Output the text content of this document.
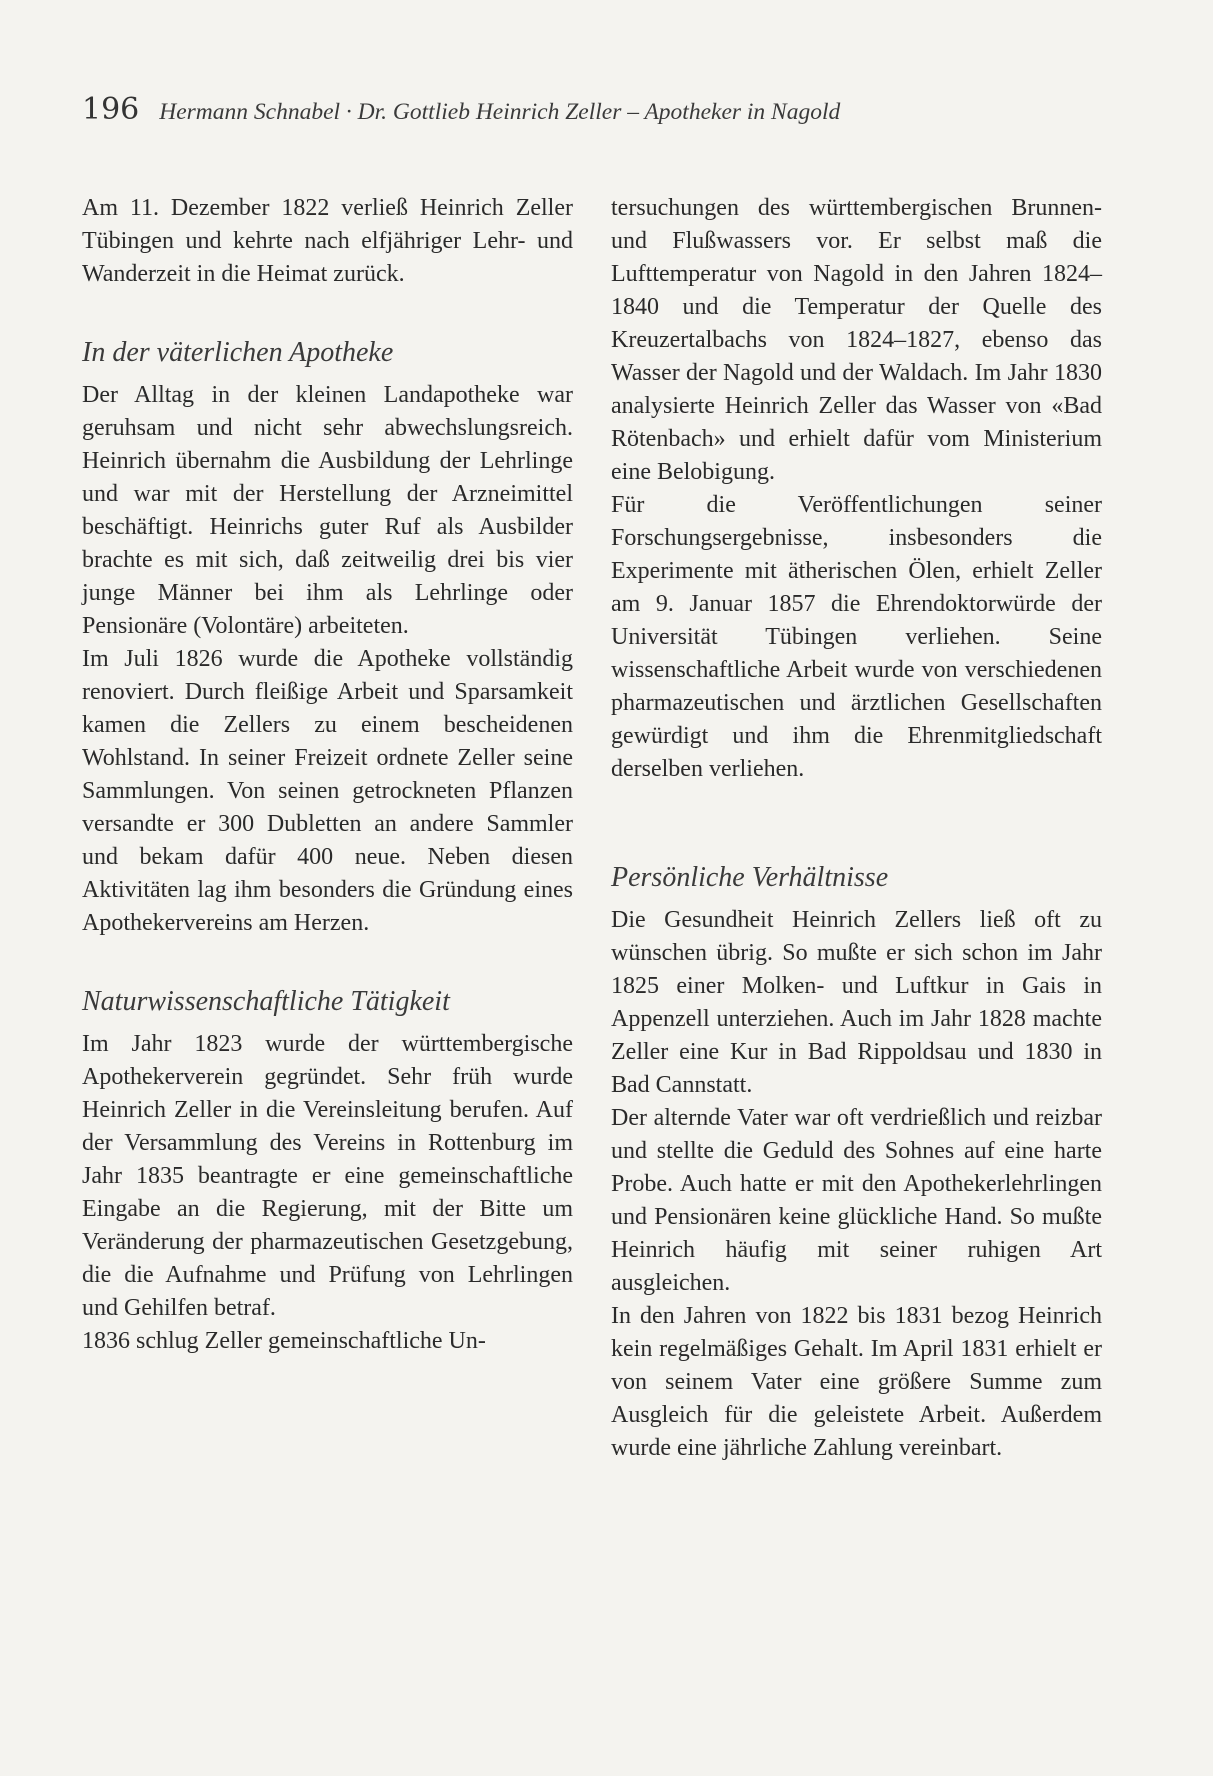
196 Hermann Schnabel · Dr. Gottlieb Heinrich Zeller – Apotheker in Nagold

Am 11. Dezember 1822 verließ Heinrich Zeller Tübingen und kehrte nach elfjähriger Lehr- und Wanderzeit in die Heimat zurück.

In der väterlichen Apotheke

Der Alltag in der kleinen Landapotheke war geruhsam und nicht sehr abwechslungsreich. Heinrich übernahm die Ausbildung der Lehrlinge und war mit der Herstellung der Arzneimittel beschäftigt. Heinrichs guter Ruf als Ausbilder brachte es mit sich, daß zeitweilig drei bis vier junge Männer bei ihm als Lehrlinge oder Pensionäre (Volontäre) arbeiteten.

Im Juli 1826 wurde die Apotheke vollständig renoviert. Durch fleißige Arbeit und Sparsamkeit kamen die Zellers zu einem bescheidenen Wohlstand. In seiner Freizeit ordnete Zeller seine Sammlungen. Von seinen getrockneten Pflanzen versandte er 300 Dubletten an andere Sammler und bekam dafür 400 neue. Neben diesen Aktivitäten lag ihm besonders die Gründung eines Apothekervereins am Herzen.

Naturwissenschaftliche Tätigkeit

Im Jahr 1823 wurde der württembergische Apothekerverein gegründet. Sehr früh wurde Heinrich Zeller in die Vereinsleitung berufen. Auf der Versammlung des Vereins in Rottenburg im Jahr 1835 beantragte er eine gemeinschaftliche Eingabe an die Regierung, mit der Bitte um Veränderung der pharmazeutischen Gesetzgebung, die die Aufnahme und Prüfung von Lehrlingen und Gehilfen betraf.

1836 schlug Zeller gemeinschaftliche Un-

tersuchungen des württembergischen Brunnen- und Flußwassers vor. Er selbst maß die Lufttemperatur von Nagold in den Jahren 1824–1840 und die Temperatur der Quelle des Kreuzertalbachs von 1824–1827, ebenso das Wasser der Nagold und der Waldach. Im Jahr 1830 analysierte Heinrich Zeller das Wasser von «Bad Rötenbach» und erhielt dafür vom Ministerium eine Belobigung.

Für die Veröffentlichungen seiner Forschungsergebnisse, insbesonders die Experimente mit ätherischen Ölen, erhielt Zeller am 9. Januar 1857 die Ehrendoktorwürde der Universität Tübingen verliehen. Seine wissenschaftliche Arbeit wurde von verschiedenen pharmazeutischen und ärztlichen Gesellschaften gewürdigt und ihm die Ehrenmitgliedschaft derselben verliehen.

Persönliche Verhältnisse

Die Gesundheit Heinrich Zellers ließ oft zu wünschen übrig. So mußte er sich schon im Jahr 1825 einer Molken- und Luftkur in Gais in Appenzell unterziehen. Auch im Jahr 1828 machte Zeller eine Kur in Bad Rippoldsau und 1830 in Bad Cannstatt.

Der alternde Vater war oft verdrießlich und reizbar und stellte die Geduld des Sohnes auf eine harte Probe. Auch hatte er mit den Apothekerlehrlingen und Pensionären keine glückliche Hand. So mußte Heinrich häufig mit seiner ruhigen Art ausgleichen.

In den Jahren von 1822 bis 1831 bezog Heinrich kein regelmäßiges Gehalt. Im April 1831 erhielt er von seinem Vater eine größere Summe zum Ausgleich für die geleistete Arbeit. Außerdem wurde eine jährliche Zahlung vereinbart.
